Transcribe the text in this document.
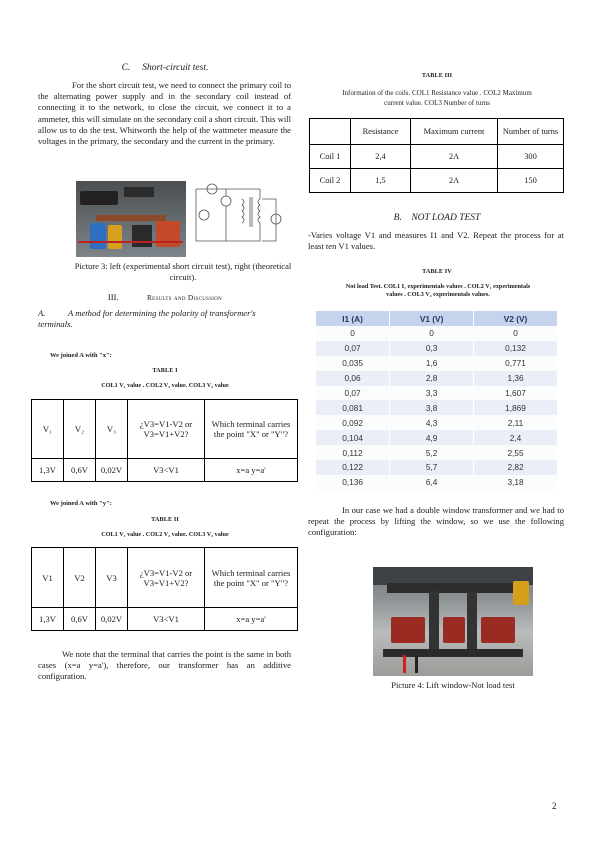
C.     Short-circuit test.
For the short circuit test, we need to connect the primary coil to the alternating power supply and in the secondary coil instead of connecting it to the network, to close the circuit, we connect it to a ammeter, this will simulate on the secondary coil a short circuit. This will allow us to do the test. Whitworth the help of the wattmeter measure the voltages in the primary, the secondary and the current in the primary.
Picture 3: left (experimental short circuit test), right (theoretical circuit).
III.	Results and Discussion
A.	A method for determining the polarity of transformer's terminals.
We joined A with "x":
TABLE I
COL1 V₁ value . COL2 V₂ value. COL3 V₃ value
V₁	V₂	V₃	¿V3=V1-V2 or V3=V1+V2?	Which terminal carries the point "X" or "Y"?
1,3V	0,6V	0,02V	V3<V1	x=a y=a'
We joined A with "y":
TABLE II
COL1 V₁ value . COL2 V₂ value. COL3 V₃ value
V1	V2	V3	¿V3=V1-V2 or V3=V1+V2?	Which terminal carries the point "X" or "Y"?
1,3V	0,6V	0,02V	V3<V1	x=a y=a'
We note that the terminal that carries the point is the same in both cases (x=a y=a'), therefore, our transformer has an additive configuration.
TABLE III
Information of the coils. COL1 Resistance value . COL2 Maximum
current value. COL3 Number of turns
	Resistance	Maximum current	Number of turns
Coil 1	2,4	2A	300
Coil 2	1,5	2A	150
B.    NOT LOAD TEST
-Varies voltage V1 and measures I1 and V2. Repeat the process for at least ten V1 values.
TABLE IV
Not load Test. COL1 I₁ experimentals values . COL2 V₁ experimentals
values . COL3 V₂ experimentals values.
I1 (A)	V1 (V)	V2 (V)
0	0	0
0,07	0,3	0,132
0,035	1,6	0,771
0,06	2,8	1,36
0,07	3,3	1,607
0,081	3,8	1,869
0,092	4,3	2,11
0,104	4,9	2,4
0,112	5,2	2,55
0,122	5,7	2,82
0,136	6,4	3,18
In our case we had a double window transformer and we had to repeat the process by lifting the window, so we use the following configuration:
Picture 4: Lift window-Not load test
2
